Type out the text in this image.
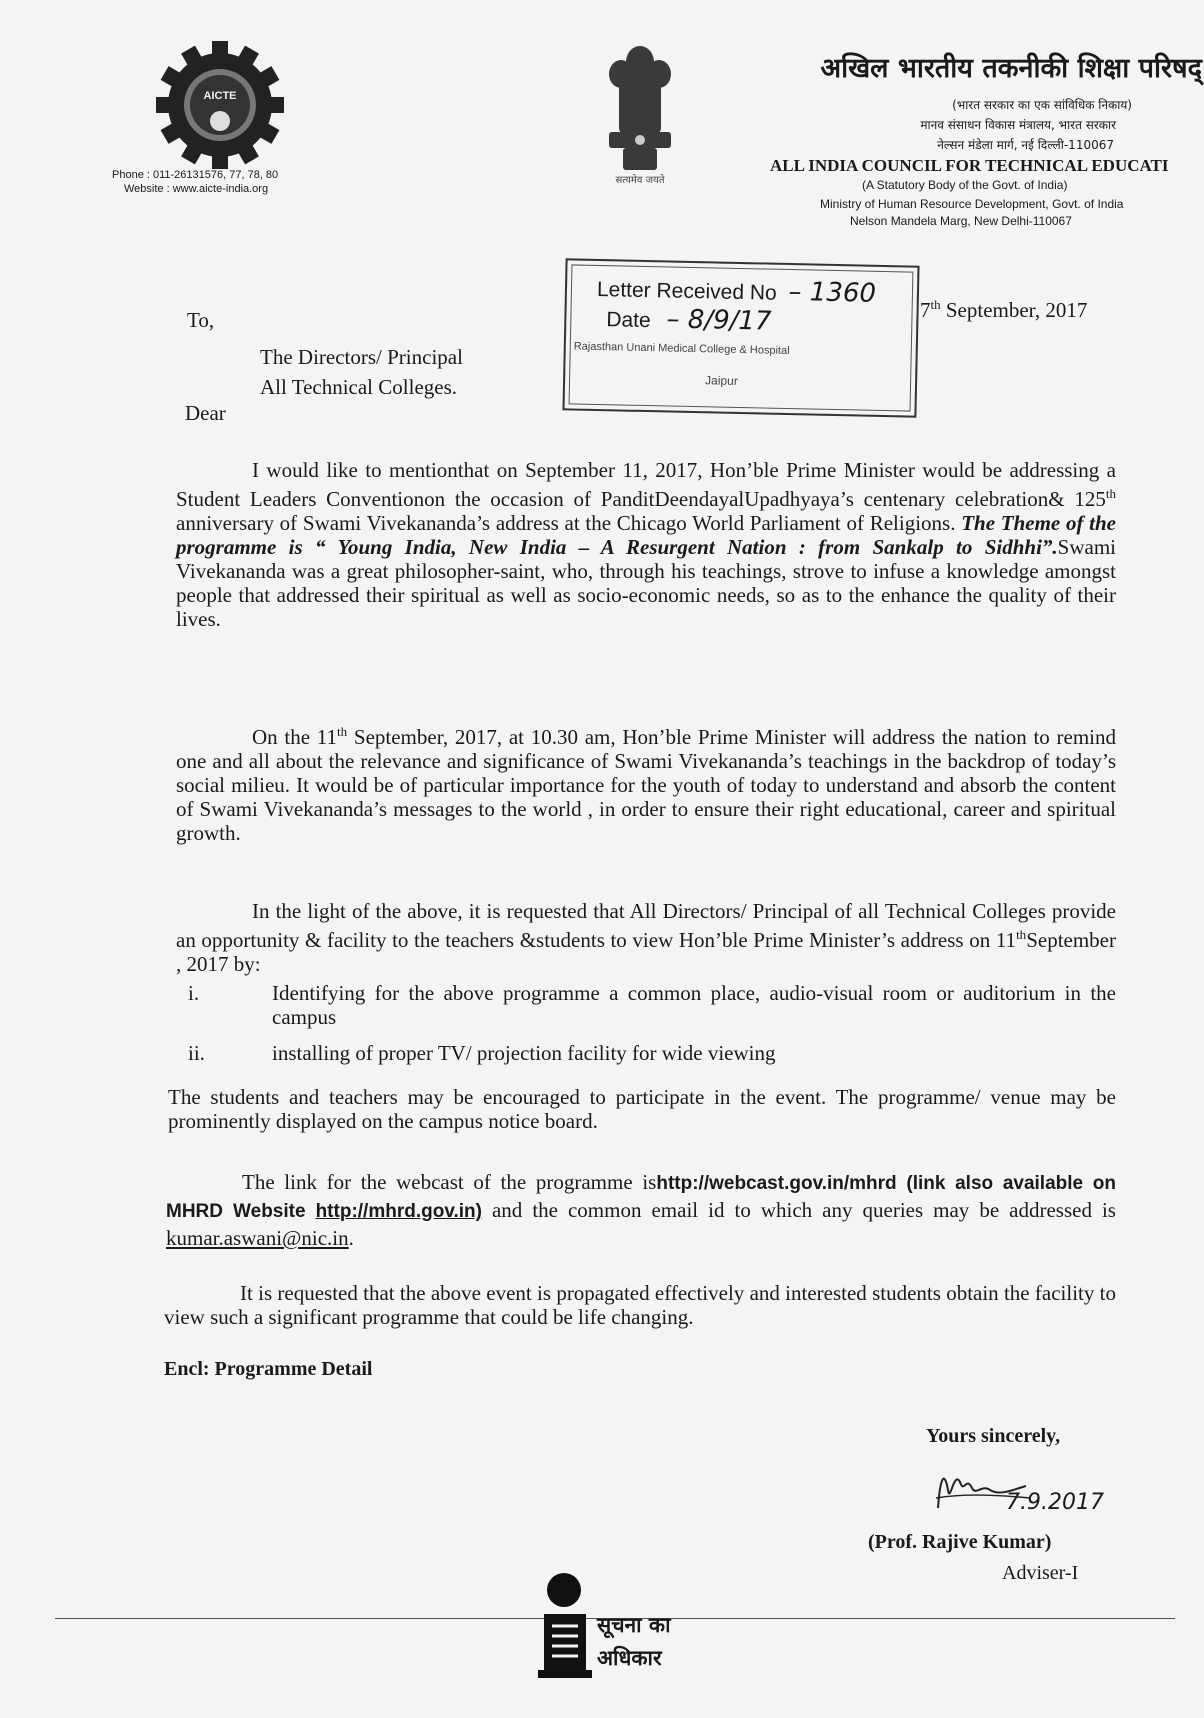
AICTE
Phone : 011-26131576, 77, 78, 80
Website : www.aicte-india.org
सत्यमेव जयते
अखिल भारतीय तकनीकी शिक्षा परिषद्
(भारत सरकार का एक सांविधिक निकाय)
मानव संसाधन विकास मंत्रालय, भारत सरकार
नेल्सन मंडेला मार्ग, नई दिल्ली-110067
ALL INDIA COUNCIL FOR TECHNICAL EDUCATI
(A Statutory Body of the Govt. of India)
Ministry of Human Resource Development, Govt. of India
Nelson Mandela Marg, New Delhi-110067
Letter Received No – 1360
Date – 8/9/17
Rajasthan Unani Medical College & Hospital
Jaipur
7th September, 2017
To,
The Directors/ Principal
All Technical Colleges.
Dear
I would like to mentionthat on September 11, 2017, Hon’ble Prime Minister would be addressing a Student Leaders Conventionon the occasion of PanditDeendayalUpadhyaya’s centenary celebration& 125th anniversary of Swami Vivekananda’s address at the Chicago World Parliament of Religions. The Theme of the programme is “ Young India, New India – A Resurgent Nation : from Sankalp to Sidhhi”.Swami Vivekananda was a great philosopher-saint, who, through his teachings, strove to infuse a knowledge amongst people that addressed their spiritual as well as socio-economic needs, so as to the enhance the quality of their lives.
On the 11th September, 2017, at 10.30 am, Hon’ble Prime Minister will address the nation to remind one and all about the relevance and significance of Swami Vivekananda’s teachings in the backdrop of today’s social milieu. It would be of particular importance for the youth of today to understand and absorb the content of Swami Vivekananda’s messages to the world , in order to ensure their right educational, career and spiritual growth.
In the light of the above, it is requested that All Directors/ Principal of all Technical Colleges provide an opportunity & facility to the teachers &students to view Hon’ble Prime Minister’s address on 11thSeptember , 2017 by:
i.	Identifying for the above programme a common place, audio-visual room or auditorium in the campus
ii.	installing of proper TV/ projection facility for wide viewing
The students and teachers may be encouraged to participate in the event. The programme/ venue may be prominently displayed on the campus notice board.
The link for the webcast of the programme ishttp://webcast.gov.in/mhrd (link also available on MHRD Website http://mhrd.gov.in) and the common email id to which any queries may be addressed is kumar.aswani@nic.in.
It is requested that the above event is propagated effectively and interested students obtain the facility to view such a significant programme that could be life changing.
Encl: Programme Detail
Yours sincerely,
7.9.2017
(Prof. Rajive Kumar)
Adviser-I
सूचना का
अधिकार
